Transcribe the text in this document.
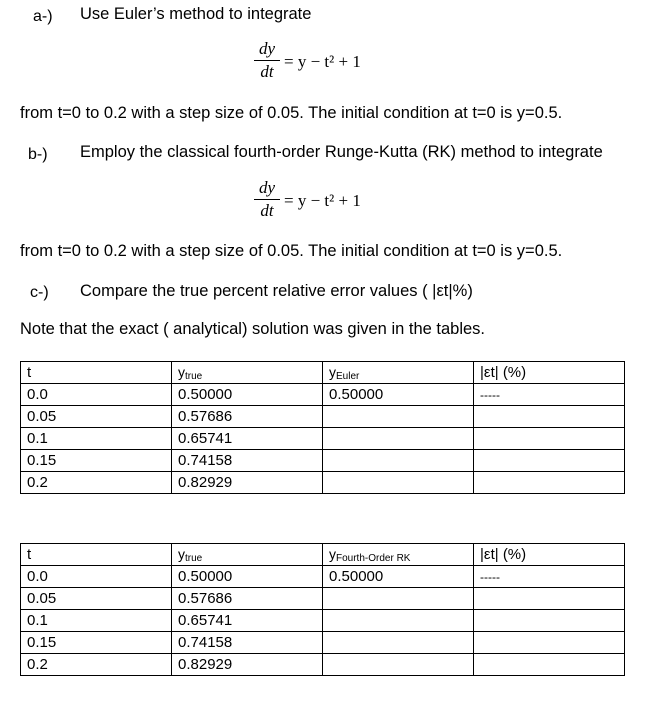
a-) Use Euler’s method to integrate
dy
dt
= y − t² + 1
from t=0 to 0.2 with a step size of 0.05. The initial condition at t=0 is y=0.5.
b-) Employ the classical fourth-order Runge-Kutta (RK) method to integrate
dy
dt
= y − t² + 1
from t=0 to 0.2 with a step size of 0.05. The initial condition at t=0 is y=0.5.
c-) Compare the true percent relative error values ( |εt|%)
Note that the exact ( analytical) solution was given in the tables.
t	$y_{true}$	$y_{Euler}$	|εt| (%)
0.0	0.50000	0.50000	-----
0.05	0.57686		
0.1	0.65741		
0.15	0.74158		
0.2	0.82929		
t	$y_{true}$	$y_{Fourth-Order RK}$	|εt| (%)
0.0	0.50000	0.50000	-----
0.05	0.57686		
0.1	0.65741		
0.15	0.74158		
0.2	0.82929		
